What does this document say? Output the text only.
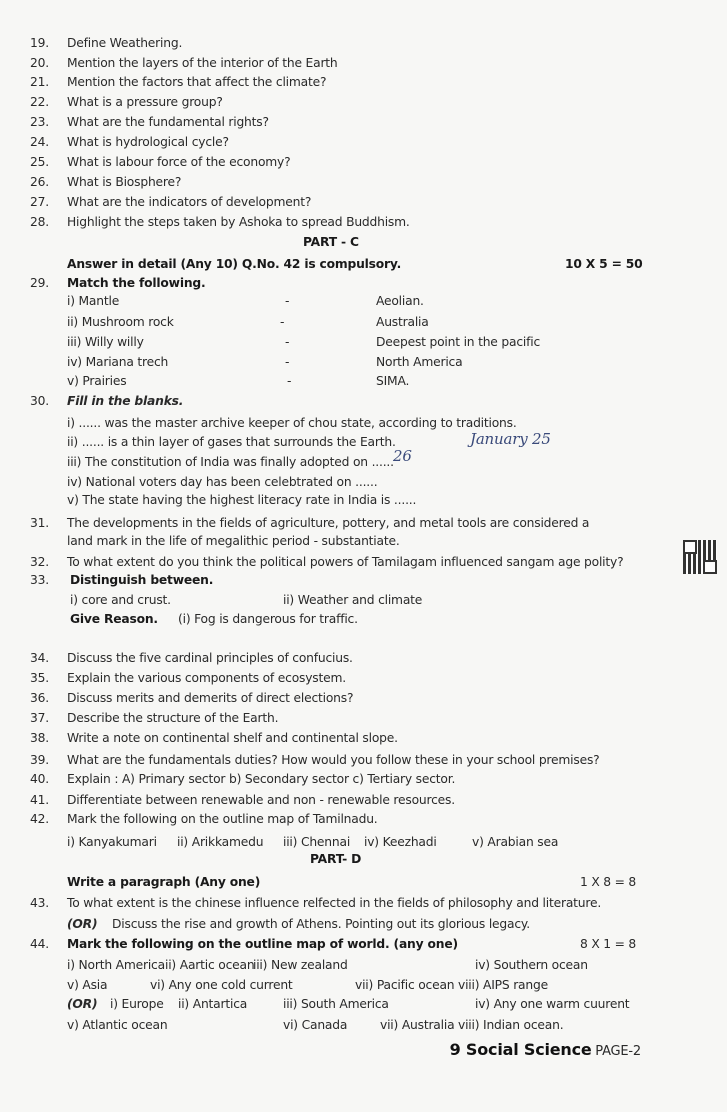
19. Define Weathering.
20. Mention the layers of the interior of the Earth
21. Mention the factors that affect the climate?
22. What is a pressure group?
23. What are the fundamental rights?
24. What is hydrological cycle?
25. What is labour force of the economy?
26. What is Biosphere?
27. What are the indicators of development?
28. Highlight the steps taken by Ashoka to spread Buddhism.
PART - C
Answer in detail (Any 10) Q.No. 42 is compulsory.	10 X 5 = 50
29. Match the following.
i) Mantle	-	Aeolian.
ii) Mushroom rock	-	Australia
iii) Willy willy	-	Deepest point in the pacific
iv) Mariana trech	-	North America
v) Prairies	-	SIMA.
30. Fill in the blanks.
i) ...... was the master archive keeper of chou state, according to traditions.
ii) ...... is a thin layer of gases that surrounds the Earth.
iii) The constitution of India was finally adopted on ......
iv) National voters day has been celebtrated on ......
v) The state having the highest literacy rate in India is ......
31. The developments in the fields of agriculture, pottery, and metal tools are considered a
land mark in the life of megalithic period - substantiate.
32. To what extent do you think the political powers of Tamilagam influenced sangam age polity?
33. Distinguish between.
i) core and crust.	ii) Weather and climate
Give Reason. (i) Fog is dangerous for traffic.
34. Discuss the five cardinal principles of confucius.
35. Explain the various components of ecosystem.
36. Discuss merits and demerits of direct elections?
37. Describe the structure of the Earth.
38. Write a note on continental shelf and continental slope.
39. What are the fundamentals duties? How would you follow these in your school premises?
40. Explain : A) Primary sector b) Secondary sector c) Tertiary sector.
41. Differentiate between renewable and non - renewable resources.
42. Mark the following on the outline map of Tamilnadu.
i) Kanyakumari ii) Arikkamedu iii) Chennai iv) Keezhadi	v) Arabian sea
PART- D
Write a paragraph (Any one)	1 X 8 = 8
43. To what extent is the chinese influence relfected in the fields of philosophy and literature.
(OR) Discuss the rise and growth of Athens. Pointing out its glorious legacy.
44. Mark the following on the outline map of world. (any one)	8 X 1 = 8
i) North America ii) Aartic ocean
iii) New zealand	iv) Southern ocean
v) Asia	vi) Any one cold current	vii) Pacific ocean viii) AIPS range
(OR) i) Europe ii) Antartica	iii) South America	iv) Any one warm cuurent
v) Atlantic ocean	vi) Canada	vii) Australia viii) Indian ocean.
26
January 25
9 Social Science PAGE-2
